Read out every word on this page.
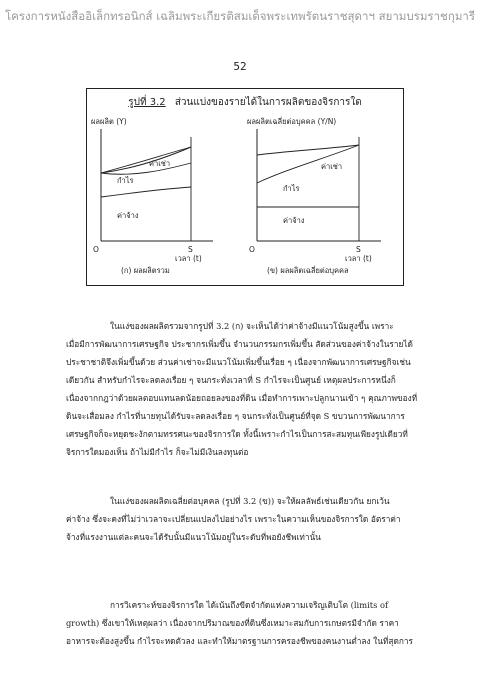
โครงการหนังสืออิเล็กทรอนิกส์ เฉลิมพระเกียรติสมเด็จพระเทพรัตนราชสุดาฯ สยามบรมราชกุมารี
52
รูปที่ 3.2 ส่วนแบ่งของรายได้ในการผลิตของจิรการใด
ผลผลิต (Y)
ค่าเช่า
กำไร
ค่าจ้าง
O	S
เวลา (t)
(ก) ผลผลิตรวม
ผลผลิตเฉลี่ยต่อบุคคล (Y/N)
ค่าเช่า
กำไร
ค่าจ้าง
O	S
เวลา (t)
(ข) ผลผลิตเฉลี่ยต่อบุคคล
ในแง่ของผลผลิตรวมจากรูปที่ 3.2 (ก) จะเห็นได้ว่าค่าจ้างมีแนวโน้มสูงขึ้น เพราะ
เมื่อมีการพัฒนาการเศรษฐกิจ ประชากรเพิ่มขึ้น จำนวนกรรมกรเพิ่มขึ้น สัดส่วนของค่าจ้างในรายได้
ประชาชาติจึงเพิ่มขึ้นด้วย ส่วนค่าเช่าจะมีแนวโน้มเพิ่มขึ้นเรื่อย ๆ เนื่องจากพัฒนาการเศรษฐกิจเช่น
เดียวกัน สำหรับกำไรจะลดลงเรื่อย ๆ จนกระทั่งเวลาที่ S กำไรจะเป็นศูนย์ เหตุผลประการหนึ่งก็
เนื่องจากกฎว่าด้วยผลตอบแทนลดน้อยถอยลงของที่ดิน เมื่อทำการเพาะปลูกนานเข้า ๆ คุณภาพของที่
ดินจะเสื่อมลง กำไรที่นายทุนได้รับจะลดลงเรื่อย ๆ จนกระทั่งเป็นศูนย์ที่จุด S ขบวนการพัฒนาการ
เศรษฐกิจก็จะหยุดชะงักตามทรรศนะของจิรการใด ทั้งนี้เพราะกำไรเป็นการสะสมทุนเพียงรูปเดียวที่
จิรการใดมองเห็น ถ้าไม่มีกำไร ก็จะไม่มีเงินลงทุนต่อ
ในแง่ของผลผลิตเฉลี่ยต่อบุคคล (รูปที่ 3.2 (ข)) จะให้ผลลัพธ์เช่นเดียวกัน ยกเว้น
ค่าจ้าง ซึ่งจะคงที่ไม่ว่าเวลาจะเปลี่ยนแปลงไปอย่างไร เพราะในความเห็นของจิรการใด อัตราค่า
จ้างที่แรงงานแต่ละคนจะได้รับนั้นมีแนวโน้มอยู่ในระดับที่พอยังชีพเท่านั้น
การวิเคราะห์ของจิรการใด ได้เน้นถึงขีดจำกัดแห่งความเจริญเติบโต (limits of
growth) ซึ่งเขาให้เหตุผลว่า เนื่องจากปริมาณของที่ดินซึ่งเหมาะสมกับการเกษตรมีจำกัด ราคา
อาหารจะต้องสูงขึ้น กำไรจะหดตัวลง และทำให้มาตรฐานการครองชีพของคนงานต่ำลง ในที่สุดการ
